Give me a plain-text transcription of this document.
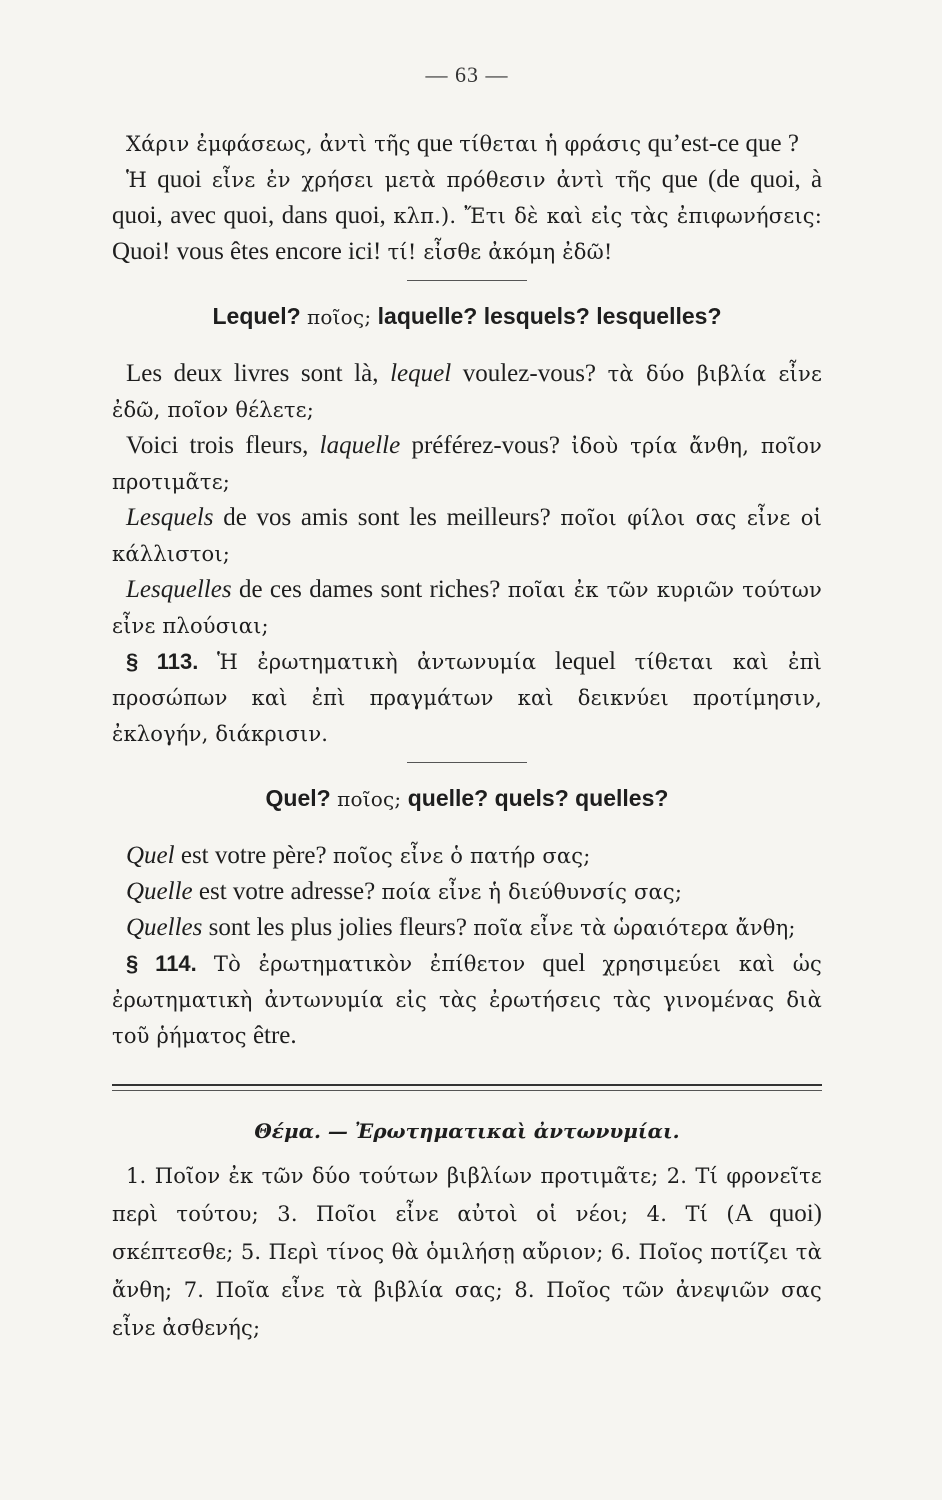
— 63 —

Χάριν ἐμφάσεως, ἀντὶ τῆς que τίθεται ἡ φράσις qu’est-ce que ?

Ἡ quoi εἶνε ἐν χρήσει μετὰ πρόθεσιν ἀντὶ τῆς que (de quoi, à quoi, avec quoi, dans quoi, κλπ.). Ἔτι δὲ καὶ εἰς τὰς ἐπιφωνήσεις: Quoi! vous êtes encore ici! τί! εἶσθε ἀκόμη ἐδῶ!

Lequel? ποῖος; laquelle? lesquels? lesquelles?

Les deux livres sont là, lequel voulez-vous? τὰ δύο βιβλία εἶνε ἐδῶ, ποῖον θέλετε;

Voici trois fleurs, laquelle préférez-vous? ἰδοὺ τρία ἄνθη, ποῖον προτιμᾶτε;

Lesquels de vos amis sont les meilleurs? ποῖοι φίλοι σας εἶνε οἱ κάλλιστοι;

Lesquelles de ces dames sont riches? ποῖαι ἐκ τῶν κυριῶν τούτων εἶνε πλούσιαι;

§ 113. Ἡ ἐρωτηματικὴ ἀντωνυμία lequel τίθεται καὶ ἐπὶ προσώπων καὶ ἐπὶ πραγμάτων καὶ δεικνύει προτίμησιν, ἐκλογήν, διάκρισιν.

Quel? ποῖος; quelle? quels? quelles?

Quel est votre père? ποῖος εἶνε ὁ πατήρ σας;

Quelle est votre adresse? ποία εἶνε ἡ διεύθυνσίς σας;

Quelles sont les plus jolies fleurs? ποῖα εἶνε τὰ ὡραιότερα ἄνθη;

§ 114. Τὸ ἐρωτηματικὸν ἐπίθετον quel χρησιμεύει καὶ ὡς ἐρωτηματικὴ ἀντωνυμία εἰς τὰς ἐρωτήσεις τὰς γινομένας διὰ τοῦ ῥήματος être.

Θέμα. — Ἐρωτηματικαὶ ἀντωνυμίαι.

1. Ποῖον ἐκ τῶν δύο τούτων βιβλίων προτιμᾶτε; 2. Τί φρονεῖτε περὶ τούτου; 3. Ποῖοι εἶνε αὐτοὶ οἱ νέοι; 4. Τί (A quoi) σκέπτεσθε; 5. Περὶ τίνος θὰ ὁμιλήσῃ αὔριον; 6. Ποῖος ποτίζει τὰ ἄνθη; 7. Ποῖα εἶνε τὰ βιβλία σας; 8. Ποῖος τῶν ἀνεψιῶν σας εἶνε ἀσθενής;
